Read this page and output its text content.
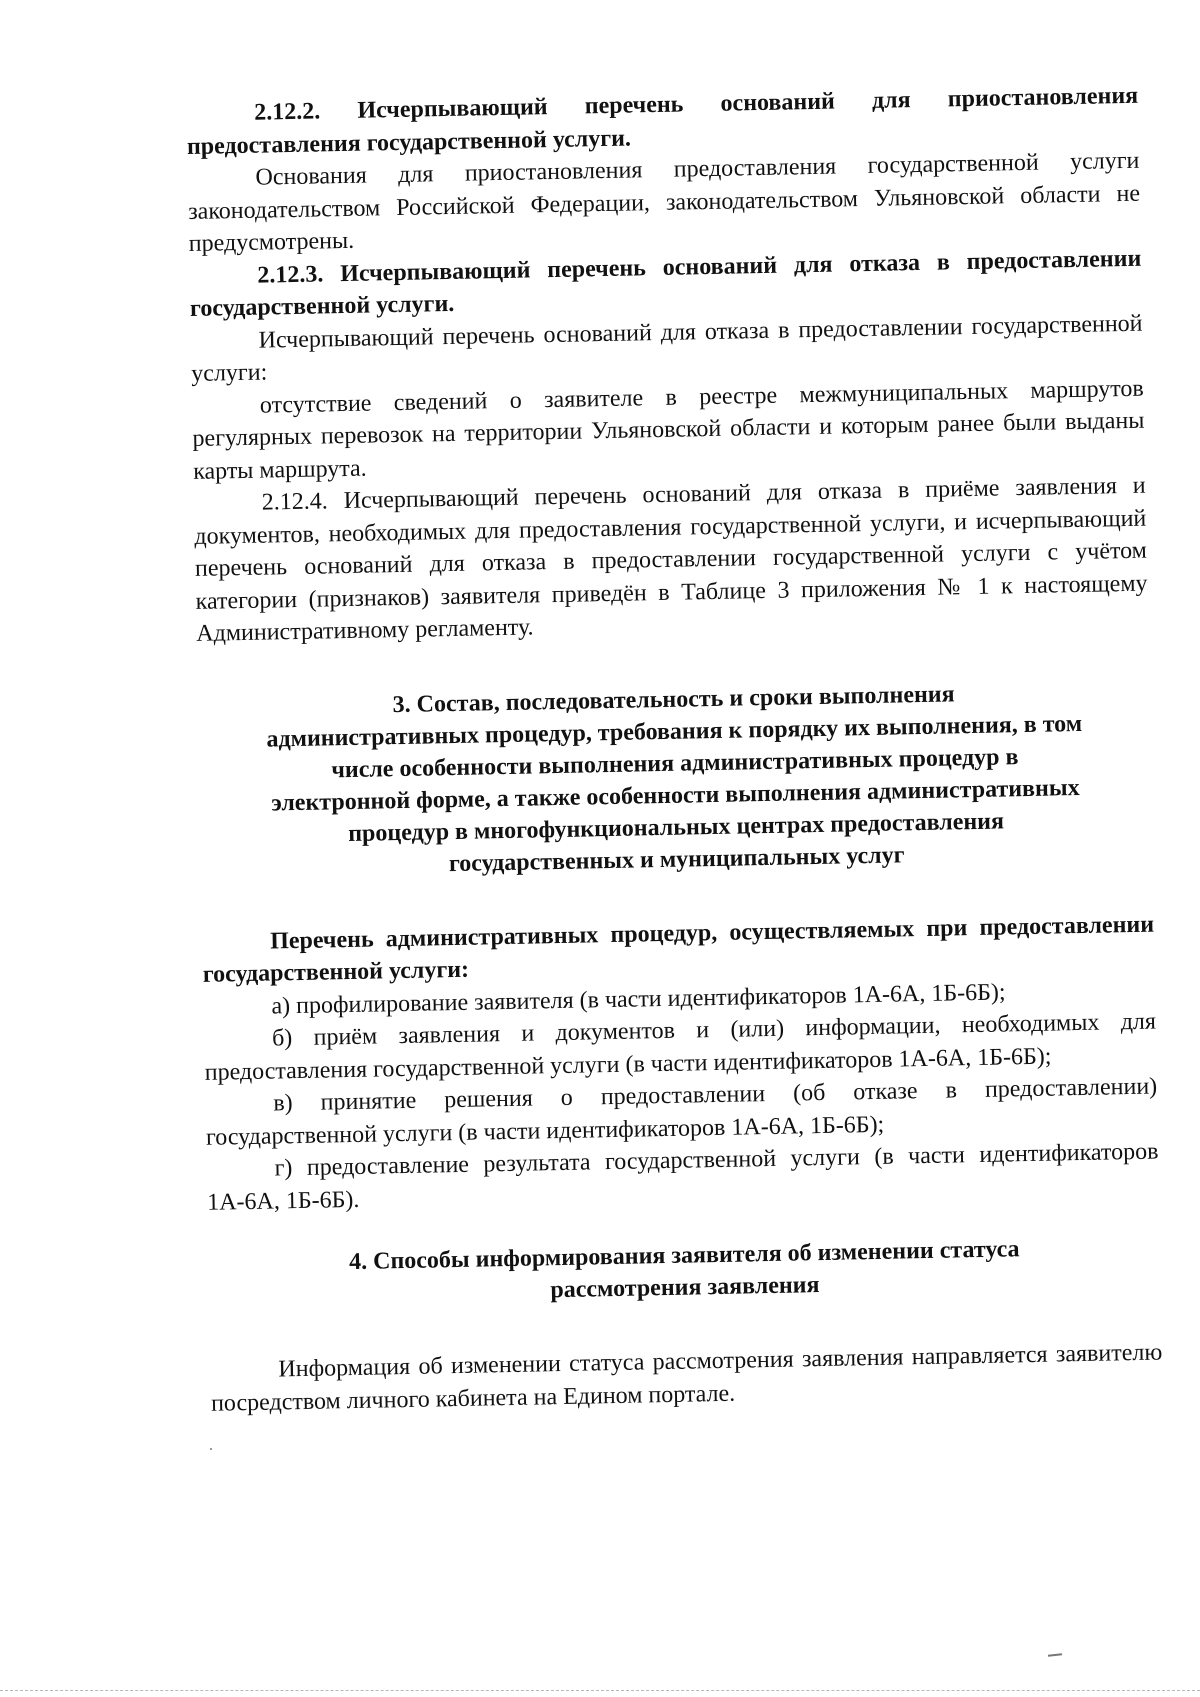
2.12.2. Исчерпывающий перечень оснований для приостановления предоставления государственной услуги.

Основания для приостановления предоставления государственной услуги законодательством Российской Федерации, законодательством Ульяновской области не предусмотрены.

2.12.3. Исчерпывающий перечень оснований для отказа в предоставлении государственной услуги.

Исчерпывающий перечень оснований для отказа в предоставлении государственной услуги:

отсутствие сведений о заявителе в реестре межмуниципальных маршрутов регулярных перевозок на территории Ульяновской области и которым ранее были выданы карты маршрута.

2.12.4. Исчерпывающий перечень оснований для отказа в приёме заявления и документов, необходимых для предоставления государственной услуги, и исчерпывающий перечень оснований для отказа в предоставлении государственной услуги с учётом категории (признаков) заявителя приведён в Таблице 3 приложения № 1 к настоящему Административному регламенту.

3. Состав, последовательность и сроки выполнения

административных процедур, требования к порядку их выполнения, в том

числе особенности выполнения административных процедур в

электронной форме, а также особенности выполнения административных

процедур в многофункциональных центрах предоставления

государственных и муниципальных услуг

Перечень административных процедур, осуществляемых при предоставлении государственной услуги:

а) профилирование заявителя (в части идентификаторов 1А-6А, 1Б-6Б);

б) приём заявления и документов и (или) информации, необходимых для предоставления государственной услуги (в части идентификаторов 1А-6А, 1Б-6Б);

в) принятие решения о предоставлении (об отказе в предоставлении) государственной услуги (в части идентификаторов 1А-6А, 1Б-6Б);

г) предоставление результата государственной услуги (в части идентификаторов 1А-6А, 1Б-6Б).

4. Способы информирования заявителя об изменении статуса

рассмотрения заявления

Информация об изменении статуса рассмотрения заявления направляется заявителю посредством личного кабинета на Едином портале.
